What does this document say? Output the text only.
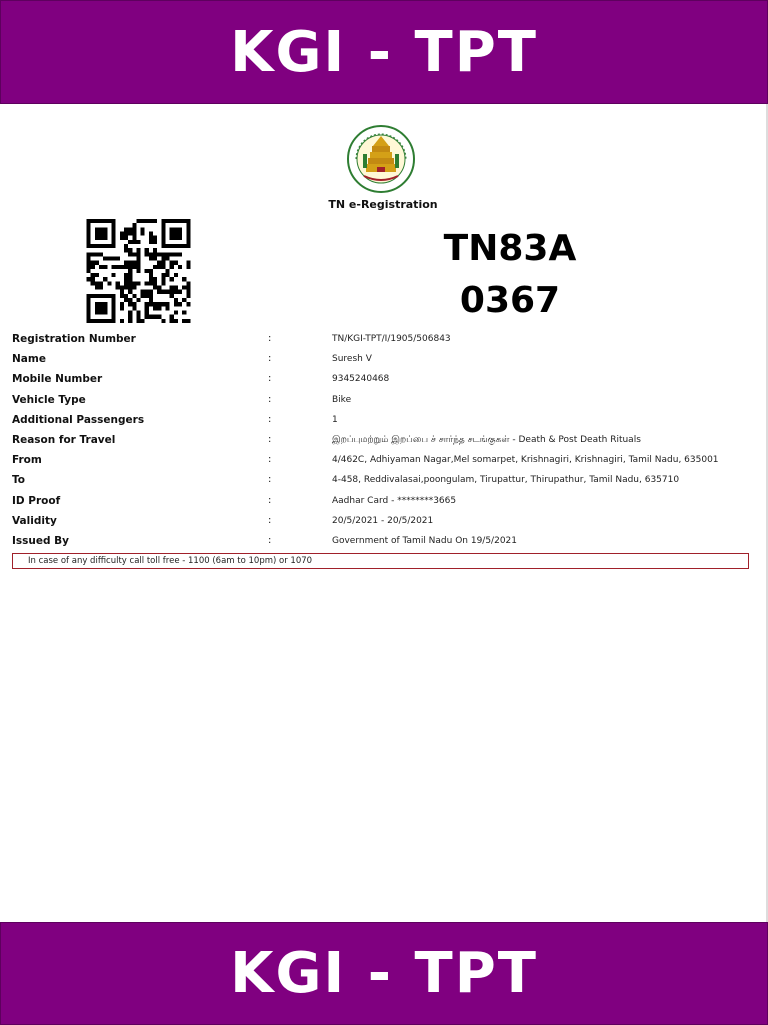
KGI - TPT
TN e-Registration
TN83A
0367
Registration Number	:	TN/KGI-TPT/I/1905/506843
Name	:	Suresh V
Mobile Number	:	9345240468
Vehicle Type	:	Bike
Additional Passengers	:	1
Reason for Travel	:	இறப்புமற்றும் இறப்பை ச் சார்ந்த சடங்குகள் - Death & Post Death Rituals
From	:	4/462C, Adhiyaman Nagar,Mel somarpet, Krishnagiri, Krishnagiri, Tamil Nadu, 635001
To	:	4-458, Reddivalasai,poongulam, Tirupattur, Thirupathur, Tamil Nadu, 635710
ID Proof	:	Aadhar Card - ********3665
Validity	:	20/5/2021 - 20/5/2021
Issued By	:	Government of Tamil Nadu On 19/5/2021
In case of any difficulty call toll free - 1100 (6am to 10pm) or 1070
KGI - TPT
